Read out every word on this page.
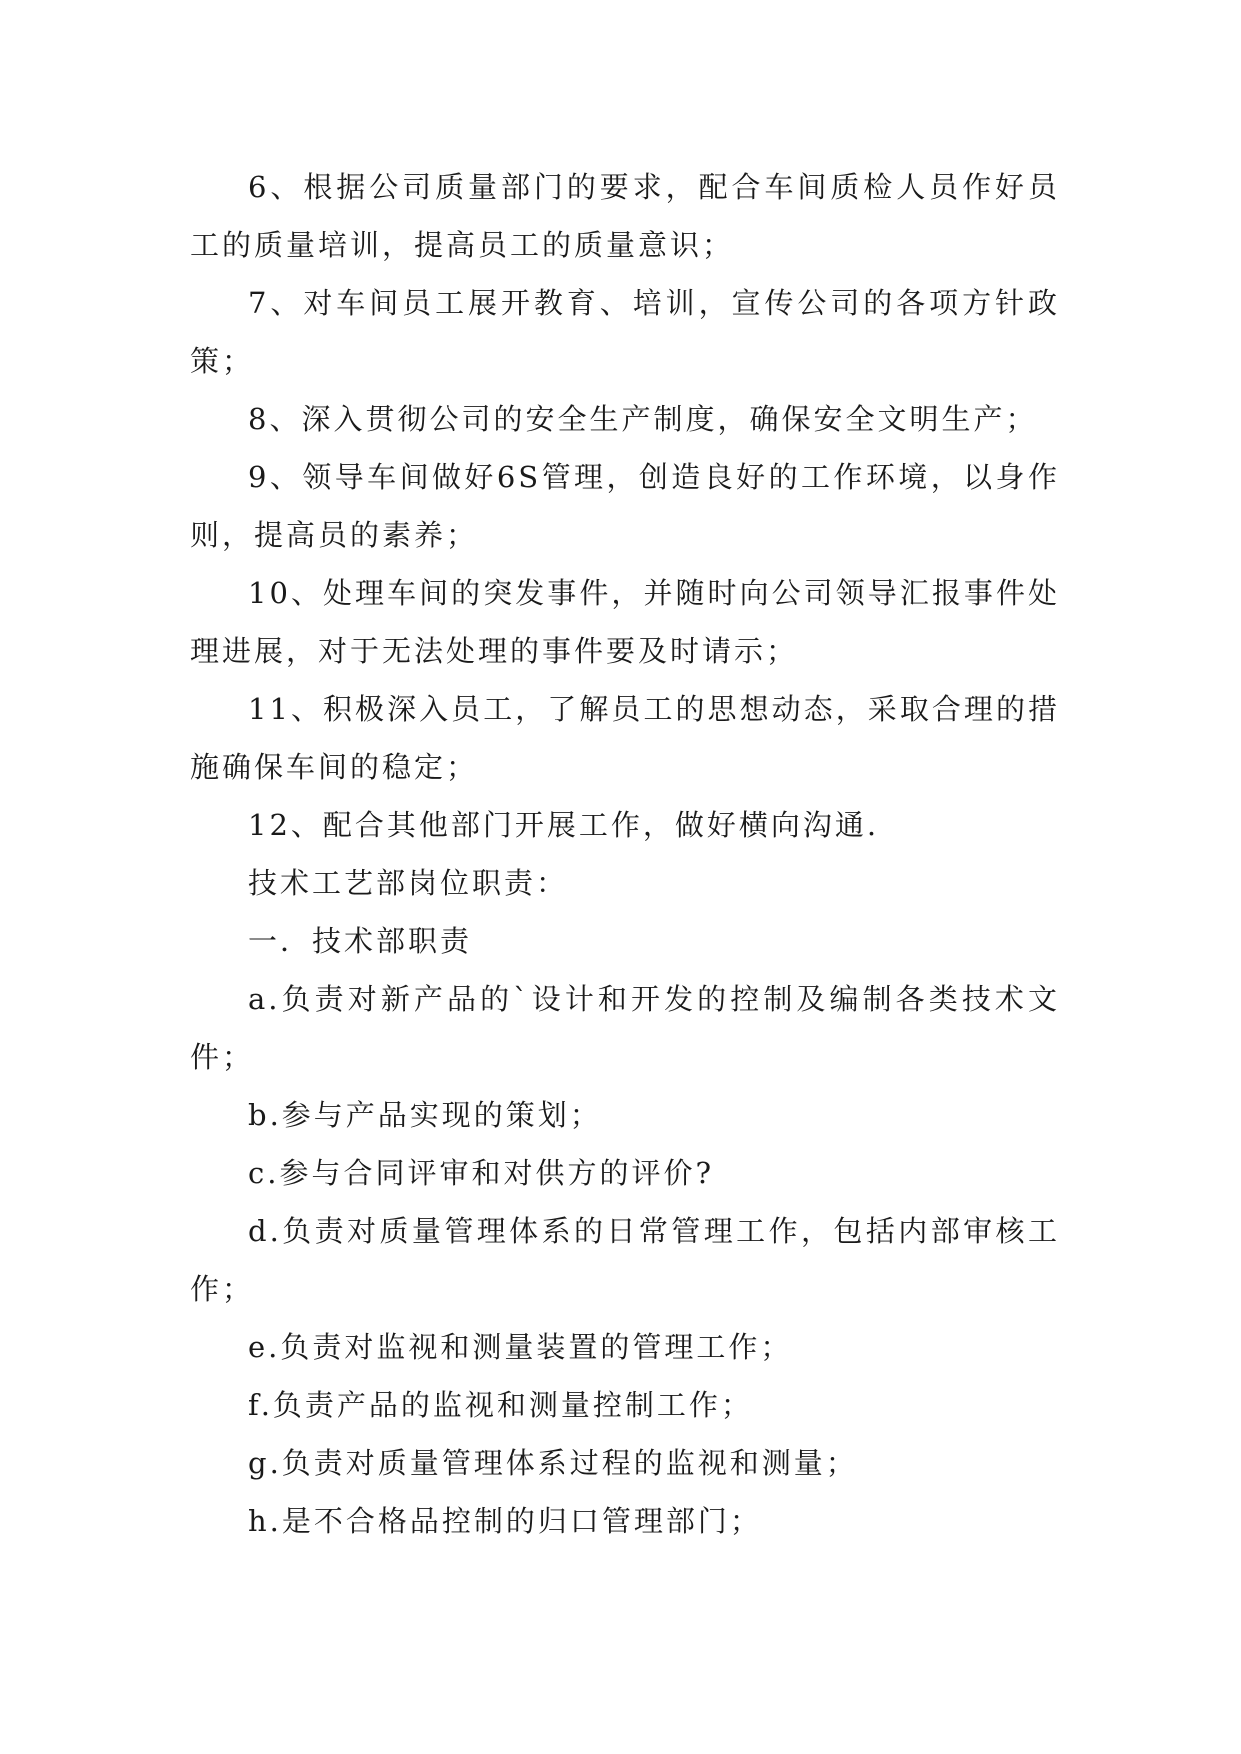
6、根据公司质量部门的要求，配合车间质检人员作好员工的质量培训，提高员工的质量意识；

7、对车间员工展开教育、培训，宣传公司的各项方针政策；

8、深入贯彻公司的安全生产制度，确保安全文明生产；

9、领导车间做好6S管理，创造良好的工作环境，以身作则，提高员的素养；

10、处理车间的突发事件，并随时向公司领导汇报事件处理进展，对于无法处理的事件要及时请示；

11、积极深入员工，了解员工的思想动态，采取合理的措施确保车间的稳定；

12、配合其他部门开展工作，做好横向沟通.

技术工艺部岗位职责：

一．技术部职责

a.负责对新产品的`设计和开发的控制及编制各类技术文件；

b.参与产品实现的策划；

c.参与合同评审和对供方的评价?

d.负责对质量管理体系的日常管理工作，包括内部审核工作；

e.负责对监视和测量装置的管理工作；

f.负责产品的监视和测量控制工作；

g.负责对质量管理体系过程的监视和测量；

h.是不合格品控制的归口管理部门；
